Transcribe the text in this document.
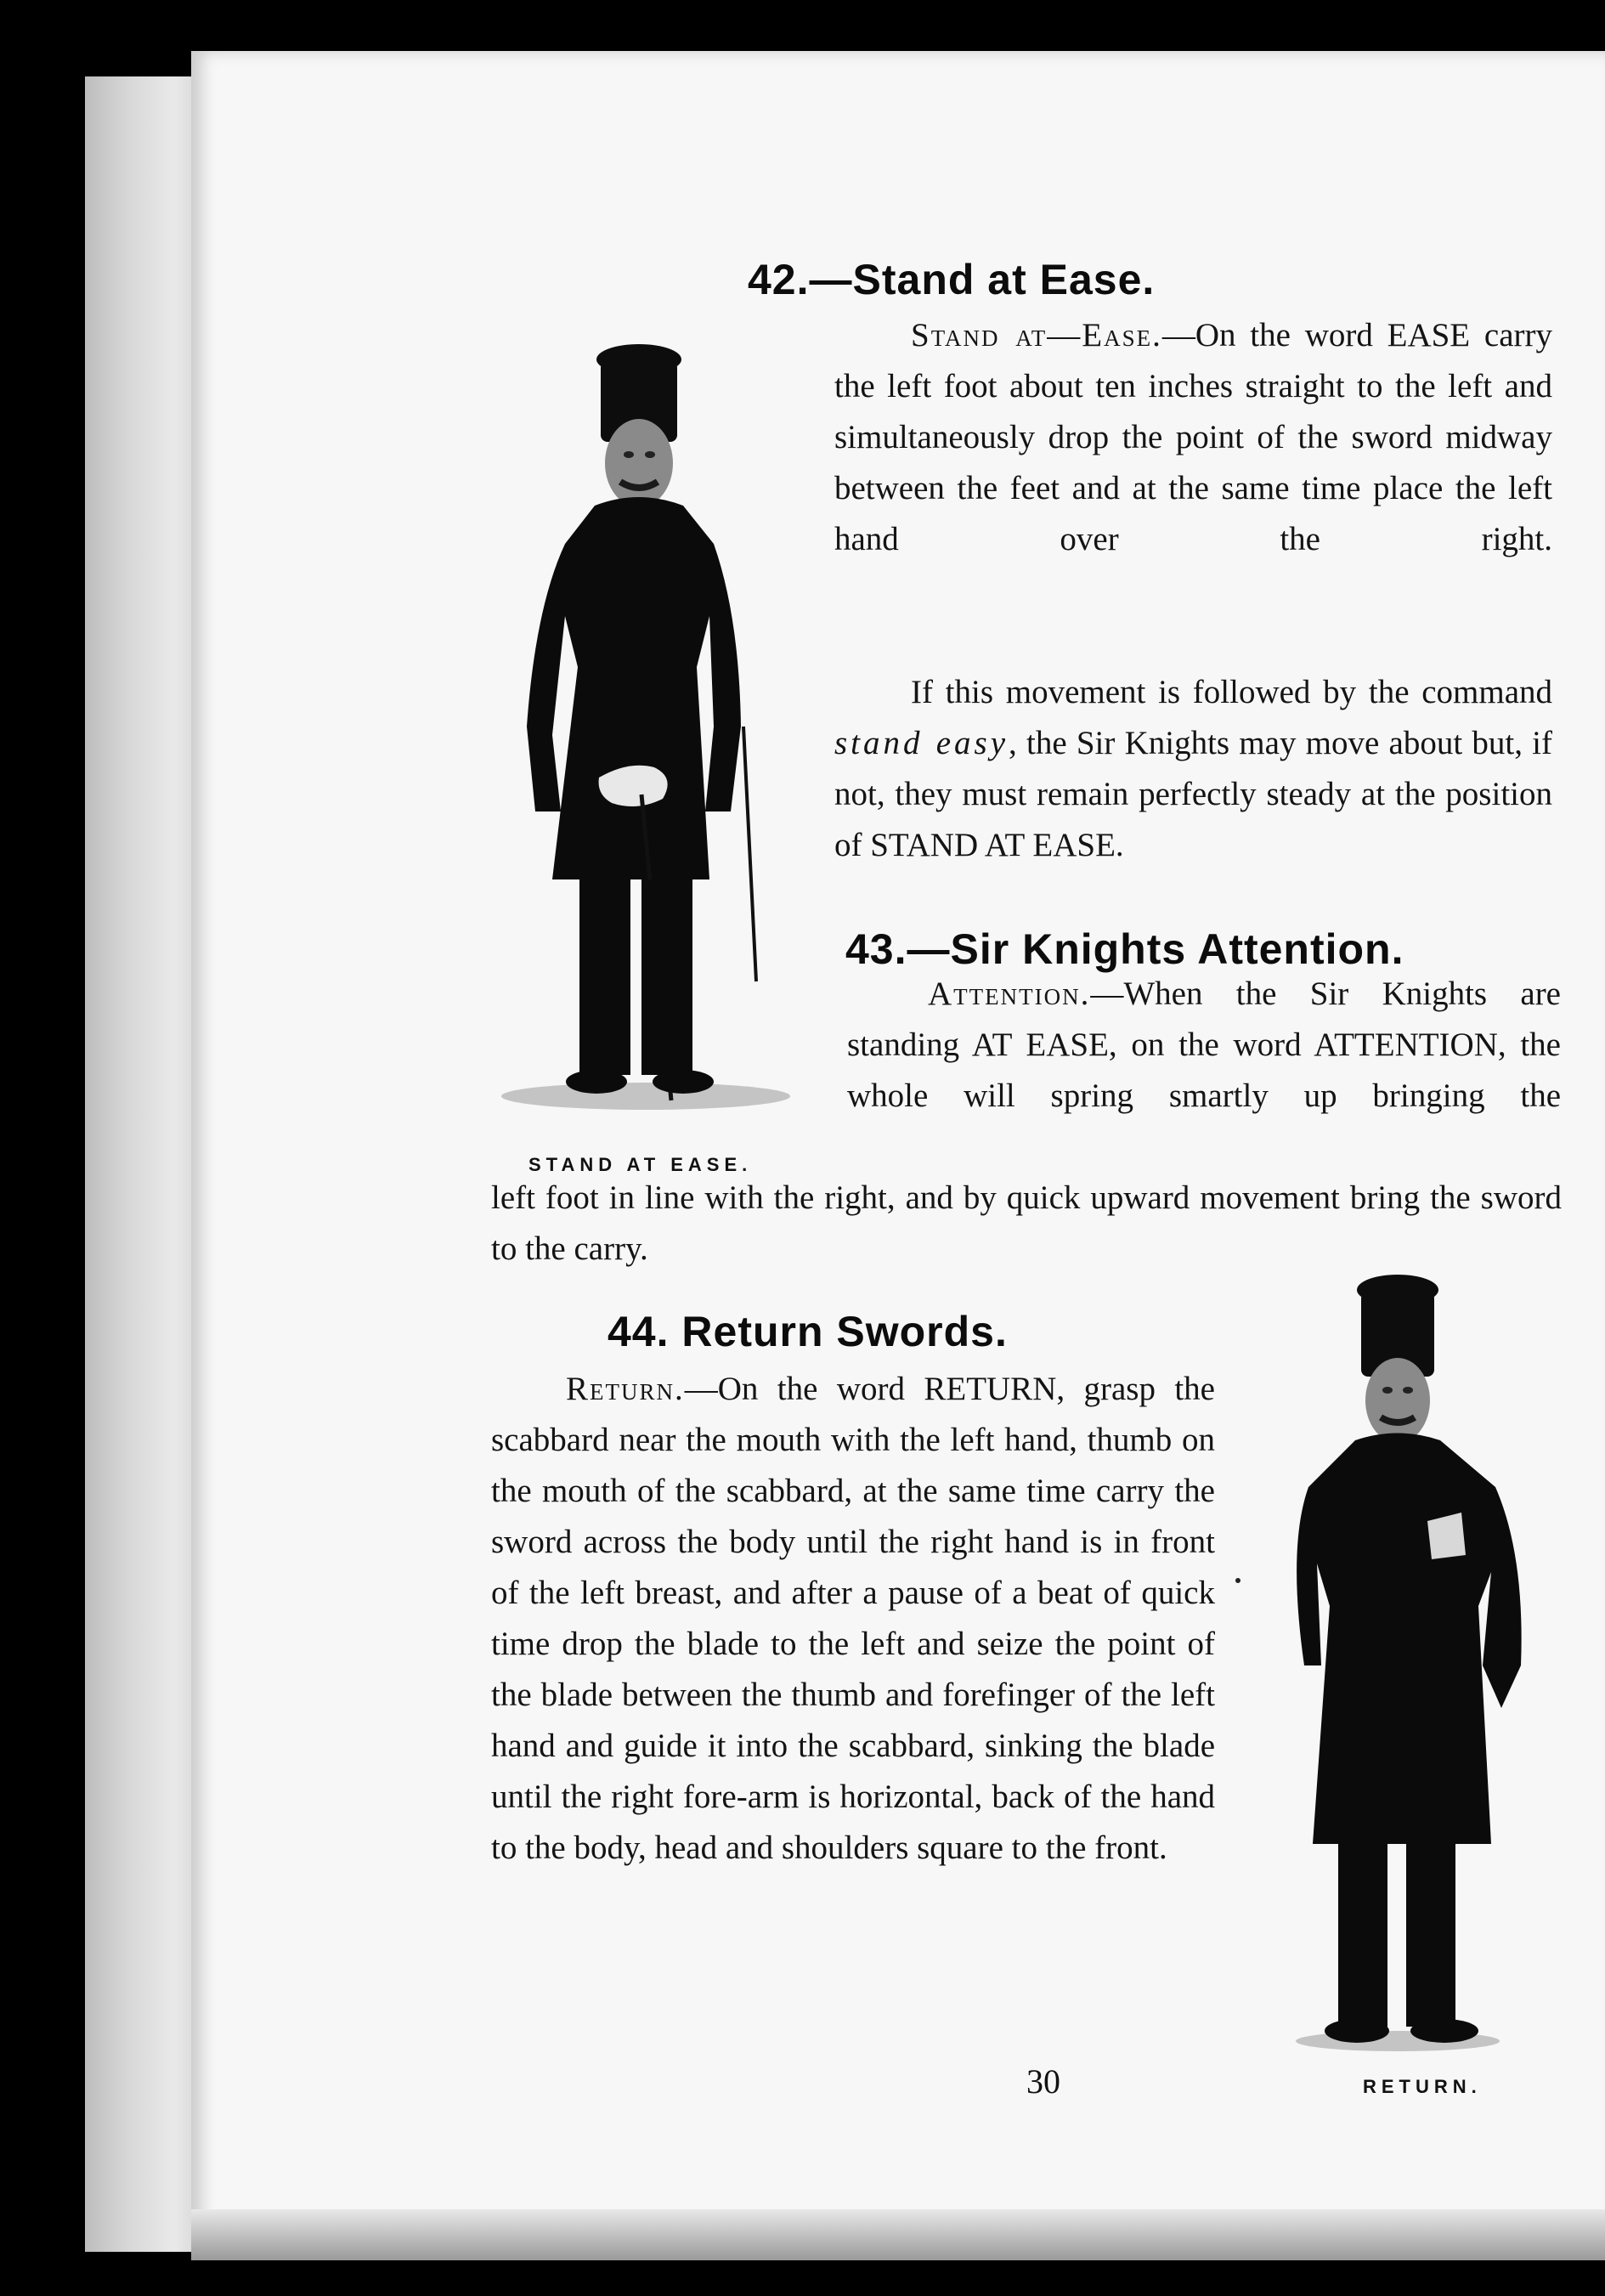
42.—Stand at Ease.

Stand at—Ease.—On the word EASE carry the left foot about ten inches straight to the left and simultaneously drop the point of the sword midway between the feet and at the same time place the left hand over the right.

If this movement is followed by the command stand easy, the Sir Knights may move about but, if not, they must remain perfectly steady at the position of STAND AT EASE.

STAND AT EASE.

43.—Sir Knights Attention.

Attention.—When the Sir Knights are standing AT EASE, on the word ATTENTION, the whole will spring smartly up bringing the

left foot in line with the right, and by quick upward movement bring the sword to the carry.

44. Return Swords.

Return.—On the word RETURN, grasp the scabbard near the mouth with the left hand, thumb on the mouth of the scabbard, at the same time carry the sword across the body until the right hand is in front of the left breast, and after a pause of a beat of quick time drop the blade to the left and seize the point of the blade between the thumb and forefinger of the left hand and guide it into the scabbard, sinking the blade until the right fore-arm is horizontal, back of the hand to the body, head and shoulders square to the front.

RETURN.

30
